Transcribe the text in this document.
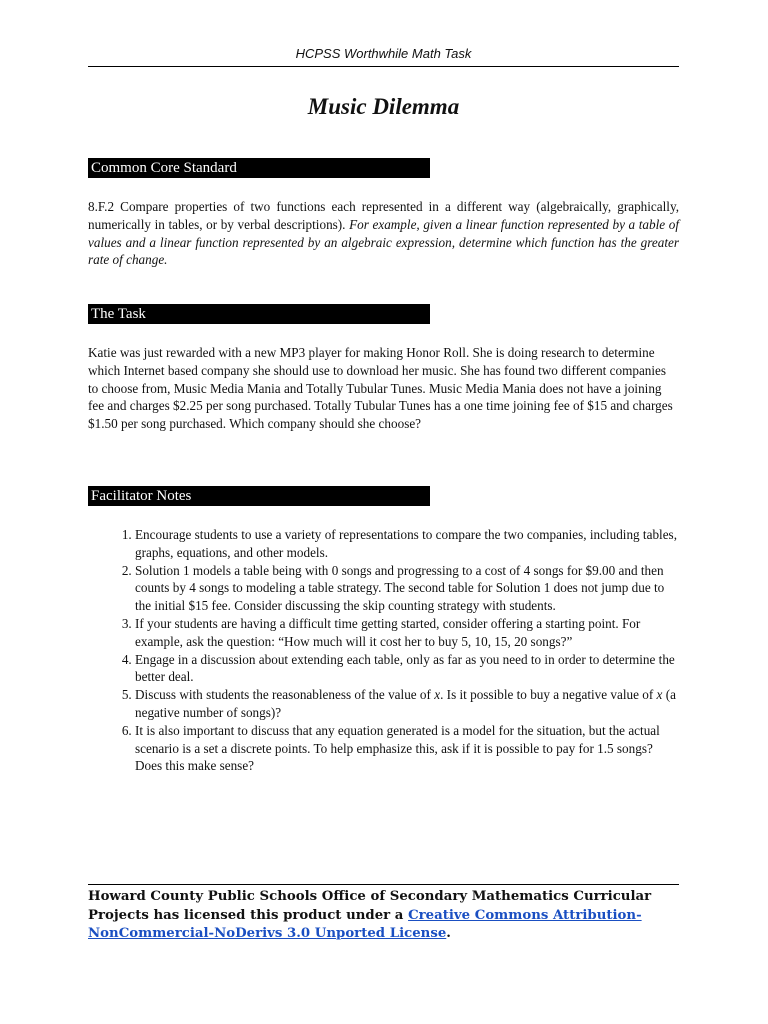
HCPSS Worthwhile Math Task
Music Dilemma
Common Core Standard
8.F.2 Compare properties of two functions each represented in a different way (algebraically, graphically, numerically in tables, or by verbal descriptions). For example, given a linear function represented by a table of values and a linear function represented by an algebraic expression, determine which function has the greater rate of change.
The Task
Katie was just rewarded with a new MP3 player for making Honor Roll. She is doing research to determine which Internet based company she should use to download her music. She has found two different companies to choose from, Music Media Mania and Totally Tubular Tunes. Music Media Mania does not have a joining fee and charges $2.25 per song purchased. Totally Tubular Tunes has a one time joining fee of $15 and charges $1.50 per song purchased. Which company should she choose?
Facilitator Notes
1. Encourage students to use a variety of representations to compare the two companies, including tables, graphs, equations, and other models.
2. Solution 1 models a table being with 0 songs and progressing to a cost of 4 songs for $9.00 and then counts by 4 songs to modeling a table strategy. The second table for Solution 1 does not jump due to the initial $15 fee. Consider discussing the skip counting strategy with students.
3. If your students are having a difficult time getting started, consider offering a starting point. For example, ask the question: “How much will it cost her to buy 5, 10, 15, 20 songs?”
4. Engage in a discussion about extending each table, only as far as you need to in order to determine the better deal.
5. Discuss with students the reasonableness of the value of x. Is it possible to buy a negative value of x (a negative number of songs)?
6. It is also important to discuss that any equation generated is a model for the situation, but the actual scenario is a set a discrete points. To help emphasize this, ask if it is possible to pay for 1.5 songs? Does this make sense?
Howard County Public Schools Office of Secondary Mathematics Curricular Projects has licensed this product under a Creative Commons Attribution-NonCommercial-NoDerivs 3.0 Unported License.
